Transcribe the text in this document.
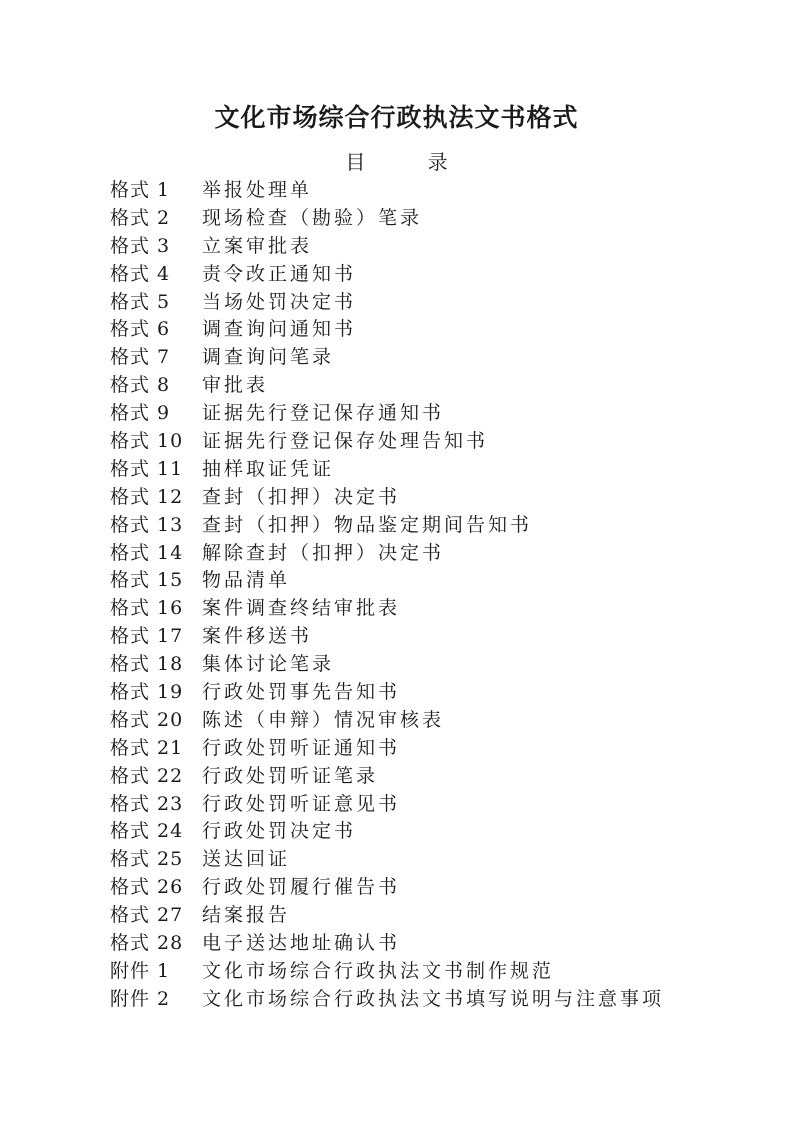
文化市场综合行政执法文书格式
目 录
格式 1	举报处理单
格式 2	现场检查（勘验）笔录
格式 3	立案审批表
格式 4	责令改正通知书
格式 5	当场处罚决定书
格式 6	调查询问通知书
格式 7	调查询问笔录
格式 8	审批表
格式 9	证据先行登记保存通知书
格式 10 证据先行登记保存处理告知书
格式 11 抽样取证凭证
格式 12 查封（扣押）决定书
格式 13 查封（扣押）物品鉴定期间告知书
格式 14 解除查封（扣押）决定书
格式 15 物品清单
格式 16 案件调查终结审批表
格式 17 案件移送书
格式 18 集体讨论笔录
格式 19 行政处罚事先告知书
格式 20 陈述（申辩）情况审核表
格式 21 行政处罚听证通知书
格式 22 行政处罚听证笔录
格式 23 行政处罚听证意见书
格式 24 行政处罚决定书
格式 25 送达回证
格式 26 行政处罚履行催告书
格式 27 结案报告
格式 28 电子送达地址确认书
附件 1	文化市场综合行政执法文书制作规范
附件 2	文化市场综合行政执法文书填写说明与注意事项
